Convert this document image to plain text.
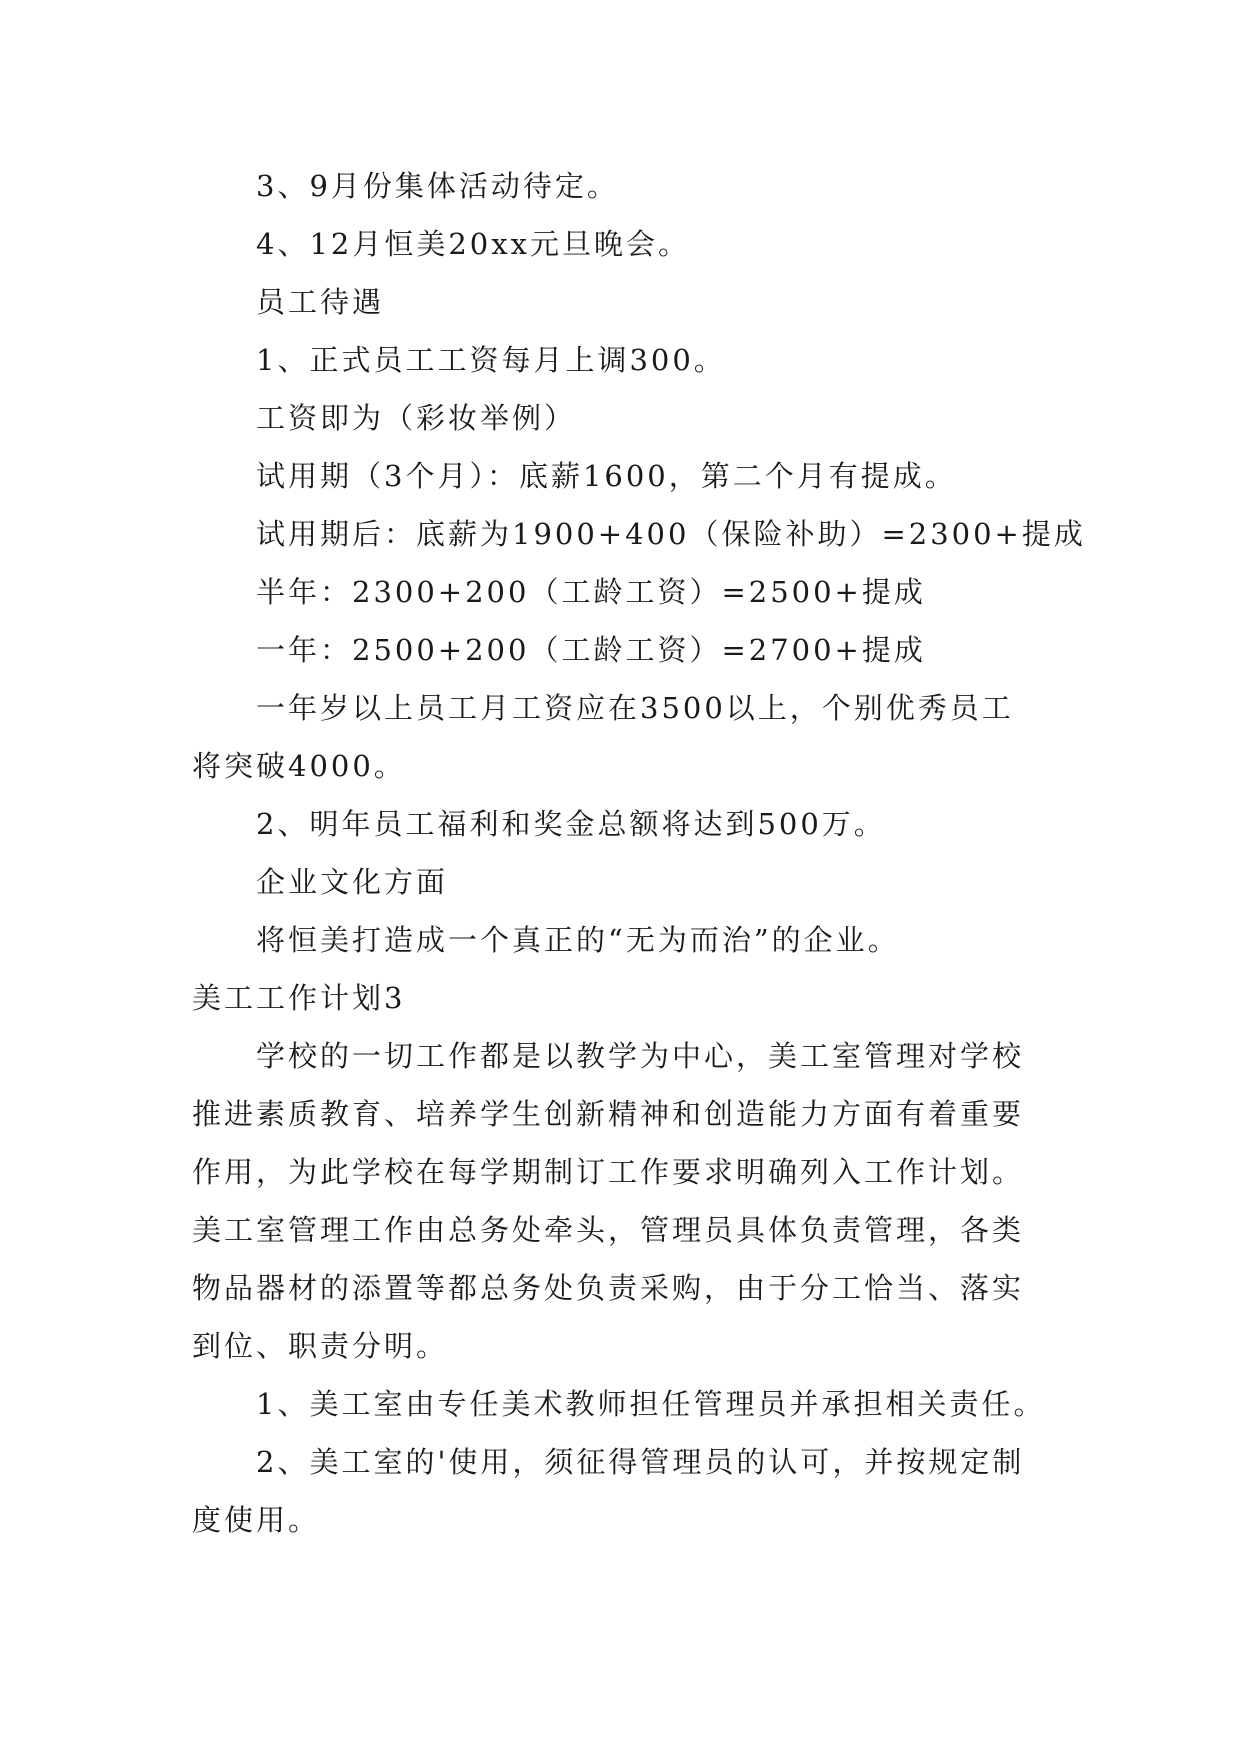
3、9月份集体活动待定。
4、12月恒美20xx元旦晚会。
员工待遇
1、正式员工工资每月上调300。
工资即为（彩妆举例）
试用期（3个月）：底薪1600，第二个月有提成。
试用期后：底薪为1900+400（保险补助）=2300+提成
半年：2300+200（工龄工资）=2500+提成
一年：2500+200（工龄工资）=2700+提成
一年岁以上员工月工资应在3500以上，个别优秀员工
将突破4000。
2、明年员工福利和奖金总额将达到500万。
企业文化方面
将恒美打造成一个真正的“无为而治”的企业。
美工工作计划3
学校的一切工作都是以教学为中心，美工室管理对学校
推进素质教育、培养学生创新精神和创造能力方面有着重要
作用，为此学校在每学期制订工作要求明确列入工作计划。
美工室管理工作由总务处牵头，管理员具体负责管理，各类
物品器材的添置等都总务处负责采购，由于分工恰当、落实
到位、职责分明。
1、美工室由专任美术教师担任管理员并承担相关责任。
2、美工室的'使用，须征得管理员的认可，并按规定制
度使用。
